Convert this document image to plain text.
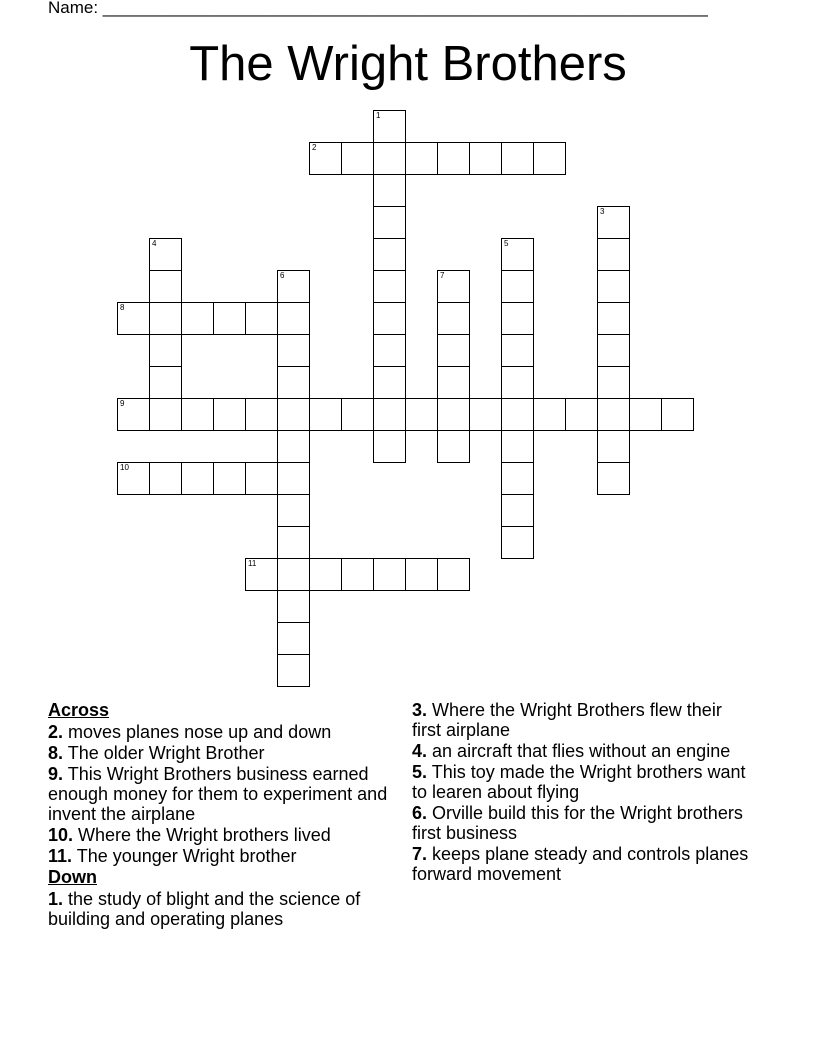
Name: ________________________________________________________________
The Wright Brothers
1
2
3
4	5
6	7
8
9
10
11
Across
2. moves planes nose up and down
8. The older Wright Brother
9. This Wright Brothers business earned enough money for them to experiment and invent the airplane
10. Where the Wright brothers lived
11. The younger Wright brother
Down
1. the study of blight and the science of building and operating planes
3. Where the Wright Brothers flew their first airplane
4. an aircraft that flies without an engine
5. This toy made the Wright brothers want to learen about flying
6. Orville build this for the Wright brothers first business
7. keeps plane steady and controls planes forward movement
